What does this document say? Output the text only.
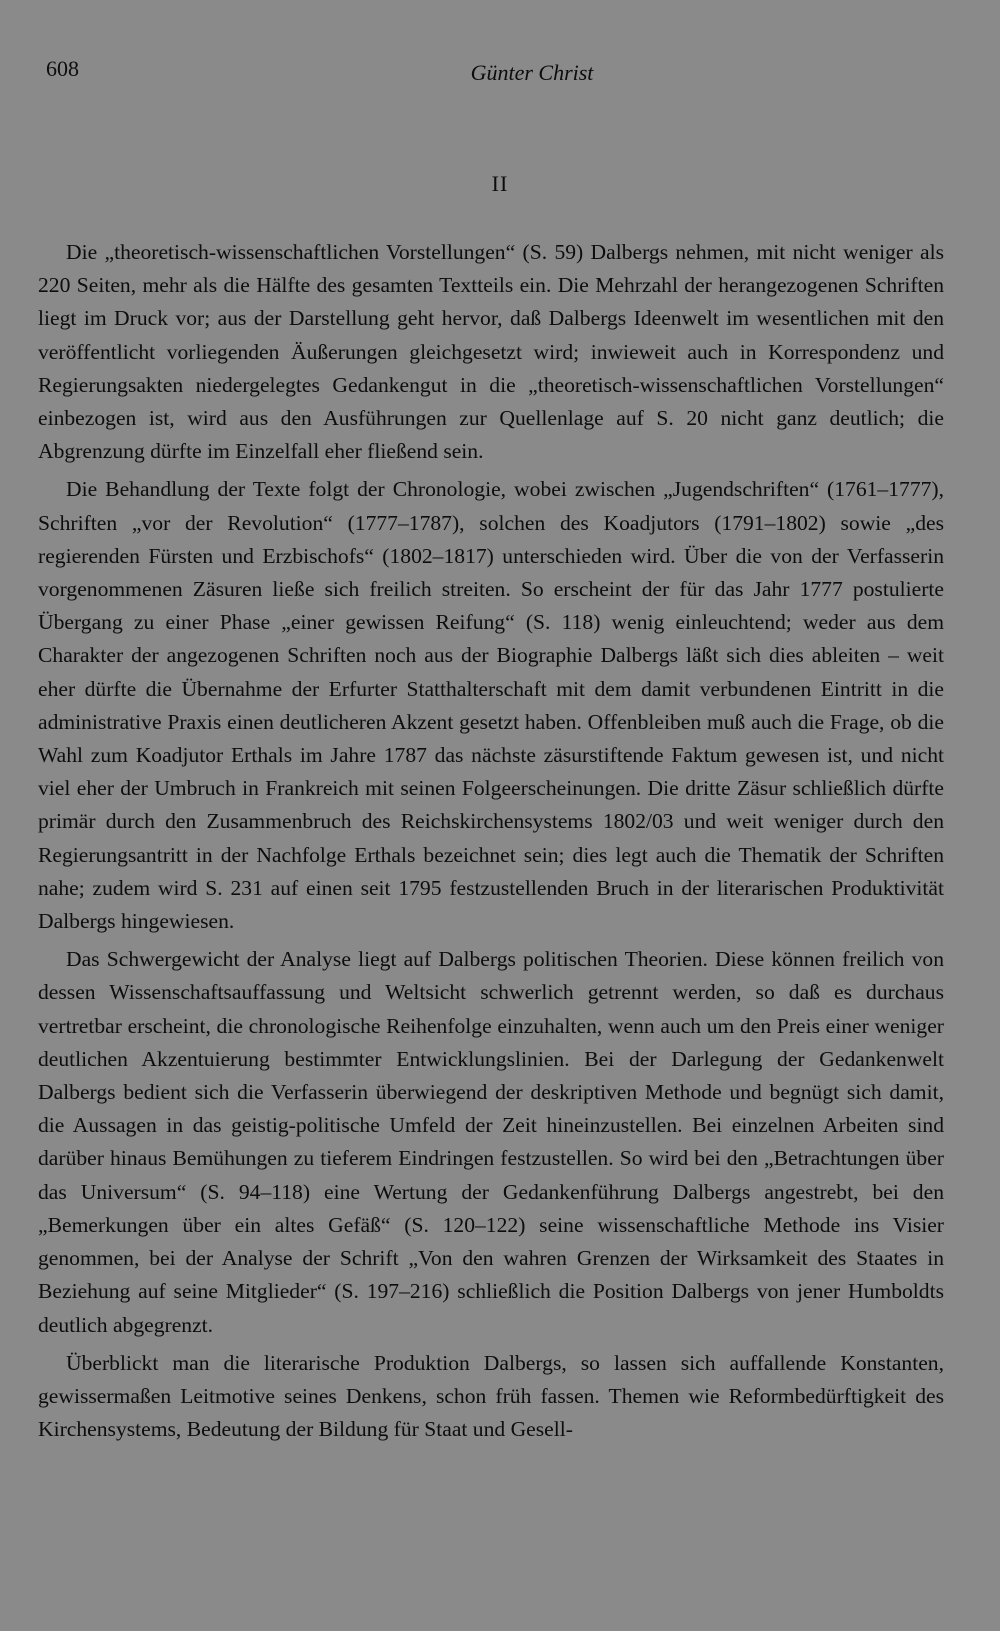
608	Günter Christ
II

Die „theoretisch-wissenschaftlichen Vorstellungen“ (S. 59) Dalbergs nehmen, mit nicht weniger als 220 Seiten, mehr als die Hälfte des gesamten Textteils ein. Die Mehrzahl der herangezogenen Schriften liegt im Druck vor; aus der Darstellung geht hervor, daß Dalbergs Ideenwelt im wesentlichen mit den veröffentlicht vorliegenden Äußerungen gleichgesetzt wird; inwieweit auch in Korrespondenz und Regierungsakten niedergelegtes Gedankengut in die „theoretisch-wissenschaftlichen Vorstellungen“ einbezogen ist, wird aus den Ausführungen zur Quellenlage auf S. 20 nicht ganz deutlich; die Abgrenzung dürfte im Einzelfall eher fließend sein.

Die Behandlung der Texte folgt der Chronologie, wobei zwischen „Jugendschriften“ (1761–1777), Schriften „vor der Revolution“ (1777–1787), solchen des Koadjutors (1791–1802) sowie „des regierenden Fürsten und Erzbischofs“ (1802–1817) unterschieden wird. Über die von der Verfasserin vorgenommenen Zäsuren ließe sich freilich streiten. So erscheint der für das Jahr 1777 postulierte Übergang zu einer Phase „einer gewissen Reifung“ (S. 118) wenig einleuchtend; weder aus dem Charakter der angezogenen Schriften noch aus der Biographie Dalbergs läßt sich dies ableiten – weit eher dürfte die Übernahme der Erfurter Statthalterschaft mit dem damit verbundenen Eintritt in die administrative Praxis einen deutlicheren Akzent gesetzt haben. Offenbleiben muß auch die Frage, ob die Wahl zum Koadjutor Erthals im Jahre 1787 das nächste zäsurstiftende Faktum gewesen ist, und nicht viel eher der Umbruch in Frankreich mit seinen Folgeerscheinungen. Die dritte Zäsur schließlich dürfte primär durch den Zusammenbruch des Reichskirchensystems 1802/03 und weit weniger durch den Regierungsantritt in der Nachfolge Erthals bezeichnet sein; dies legt auch die Thematik der Schriften nahe; zudem wird S. 231 auf einen seit 1795 festzustellenden Bruch in der literarischen Produktivität Dalbergs hingewiesen.

Das Schwergewicht der Analyse liegt auf Dalbergs politischen Theorien. Diese können freilich von dessen Wissenschaftsauffassung und Weltsicht schwerlich getrennt werden, so daß es durchaus vertretbar erscheint, die chronologische Reihenfolge einzuhalten, wenn auch um den Preis einer weniger deutlichen Akzentuierung bestimmter Entwicklungslinien. Bei der Darlegung der Gedankenwelt Dalbergs bedient sich die Verfasserin überwiegend der deskriptiven Methode und begnügt sich damit, die Aussagen in das geistig-politische Umfeld der Zeit hineinzustellen. Bei einzelnen Arbeiten sind darüber hinaus Bemühungen zu tieferem Eindringen festzustellen. So wird bei den „Betrachtungen über das Universum“ (S. 94–118) eine Wertung der Gedankenführung Dalbergs angestrebt, bei den „Bemerkungen über ein altes Gefäß“ (S. 120–122) seine wissenschaftliche Methode ins Visier genommen, bei der Analyse der Schrift „Von den wahren Grenzen der Wirksamkeit des Staates in Beziehung auf seine Mitglieder“ (S. 197–216) schließlich die Position Dalbergs von jener Humboldts deutlich abgegrenzt.

Überblickt man die literarische Produktion Dalbergs, so lassen sich auffallende Konstanten, gewissermaßen Leitmotive seines Denkens, schon früh fassen. Themen wie Reformbedürftigkeit des Kirchensystems, Bedeutung der Bildung für Staat und Gesell-
